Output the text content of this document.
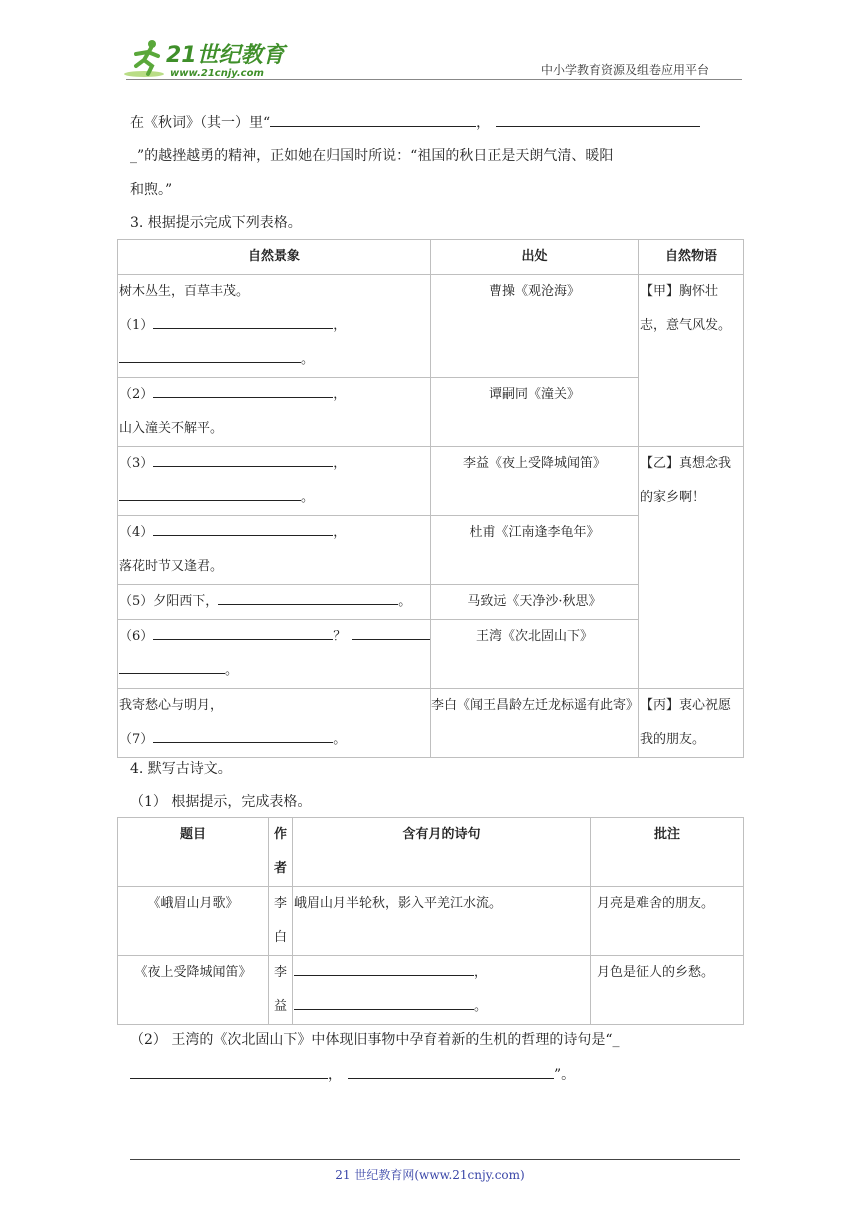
21世纪教育
www.21cnjy.com	中小学教育资源及组卷应用平台
在《秋词》（其一）里“	，
_”的越挫越勇的精神，正如她在归国时所说：“祖国的秋日正是天朗气清、暖阳
和煦。”
3. 根据提示完成下列表格。
自然景象	出处	自然物语

树木丛生，百草丰茂。
（1） ，
。	曹操《观沧海》	【甲】胸怀壮志，意气风发。

（2） ，
山入潼关不解平。	谭嗣同《潼关》	

（3） ，
。	李益《夜上受降城闻笛》	【乙】真想念我的家乡啊！

（4） ，
落花时节又逢君。	杜甫《江南逢李龟年》	

（5）夕阳西下， 。	马致远《天净沙·秋思》	

（6） ？
。	王湾《次北固山下》	

我寄愁心与明月，
（7） 。	李白《闻王昌龄左迁龙标遥有此寄》	【丙】衷心祝愿我的朋友。
4. 默写古诗文。
（1） 根据提示，完成表格。
题目	作者	含有月的诗句	批注
《峨眉山月歌》	李白	峨眉山月半轮秋，影入平羌江水流。	月亮是难舍的朋友。

《夜上受降城闻笛》	李益	，
。	月色是征人的乡愁。
（2） 王湾的《次北固山下》中体现旧事物中孕育着新的生机的哲理的诗句是“_
，	”。
21 世纪教育网(www.21cnjy.com)
